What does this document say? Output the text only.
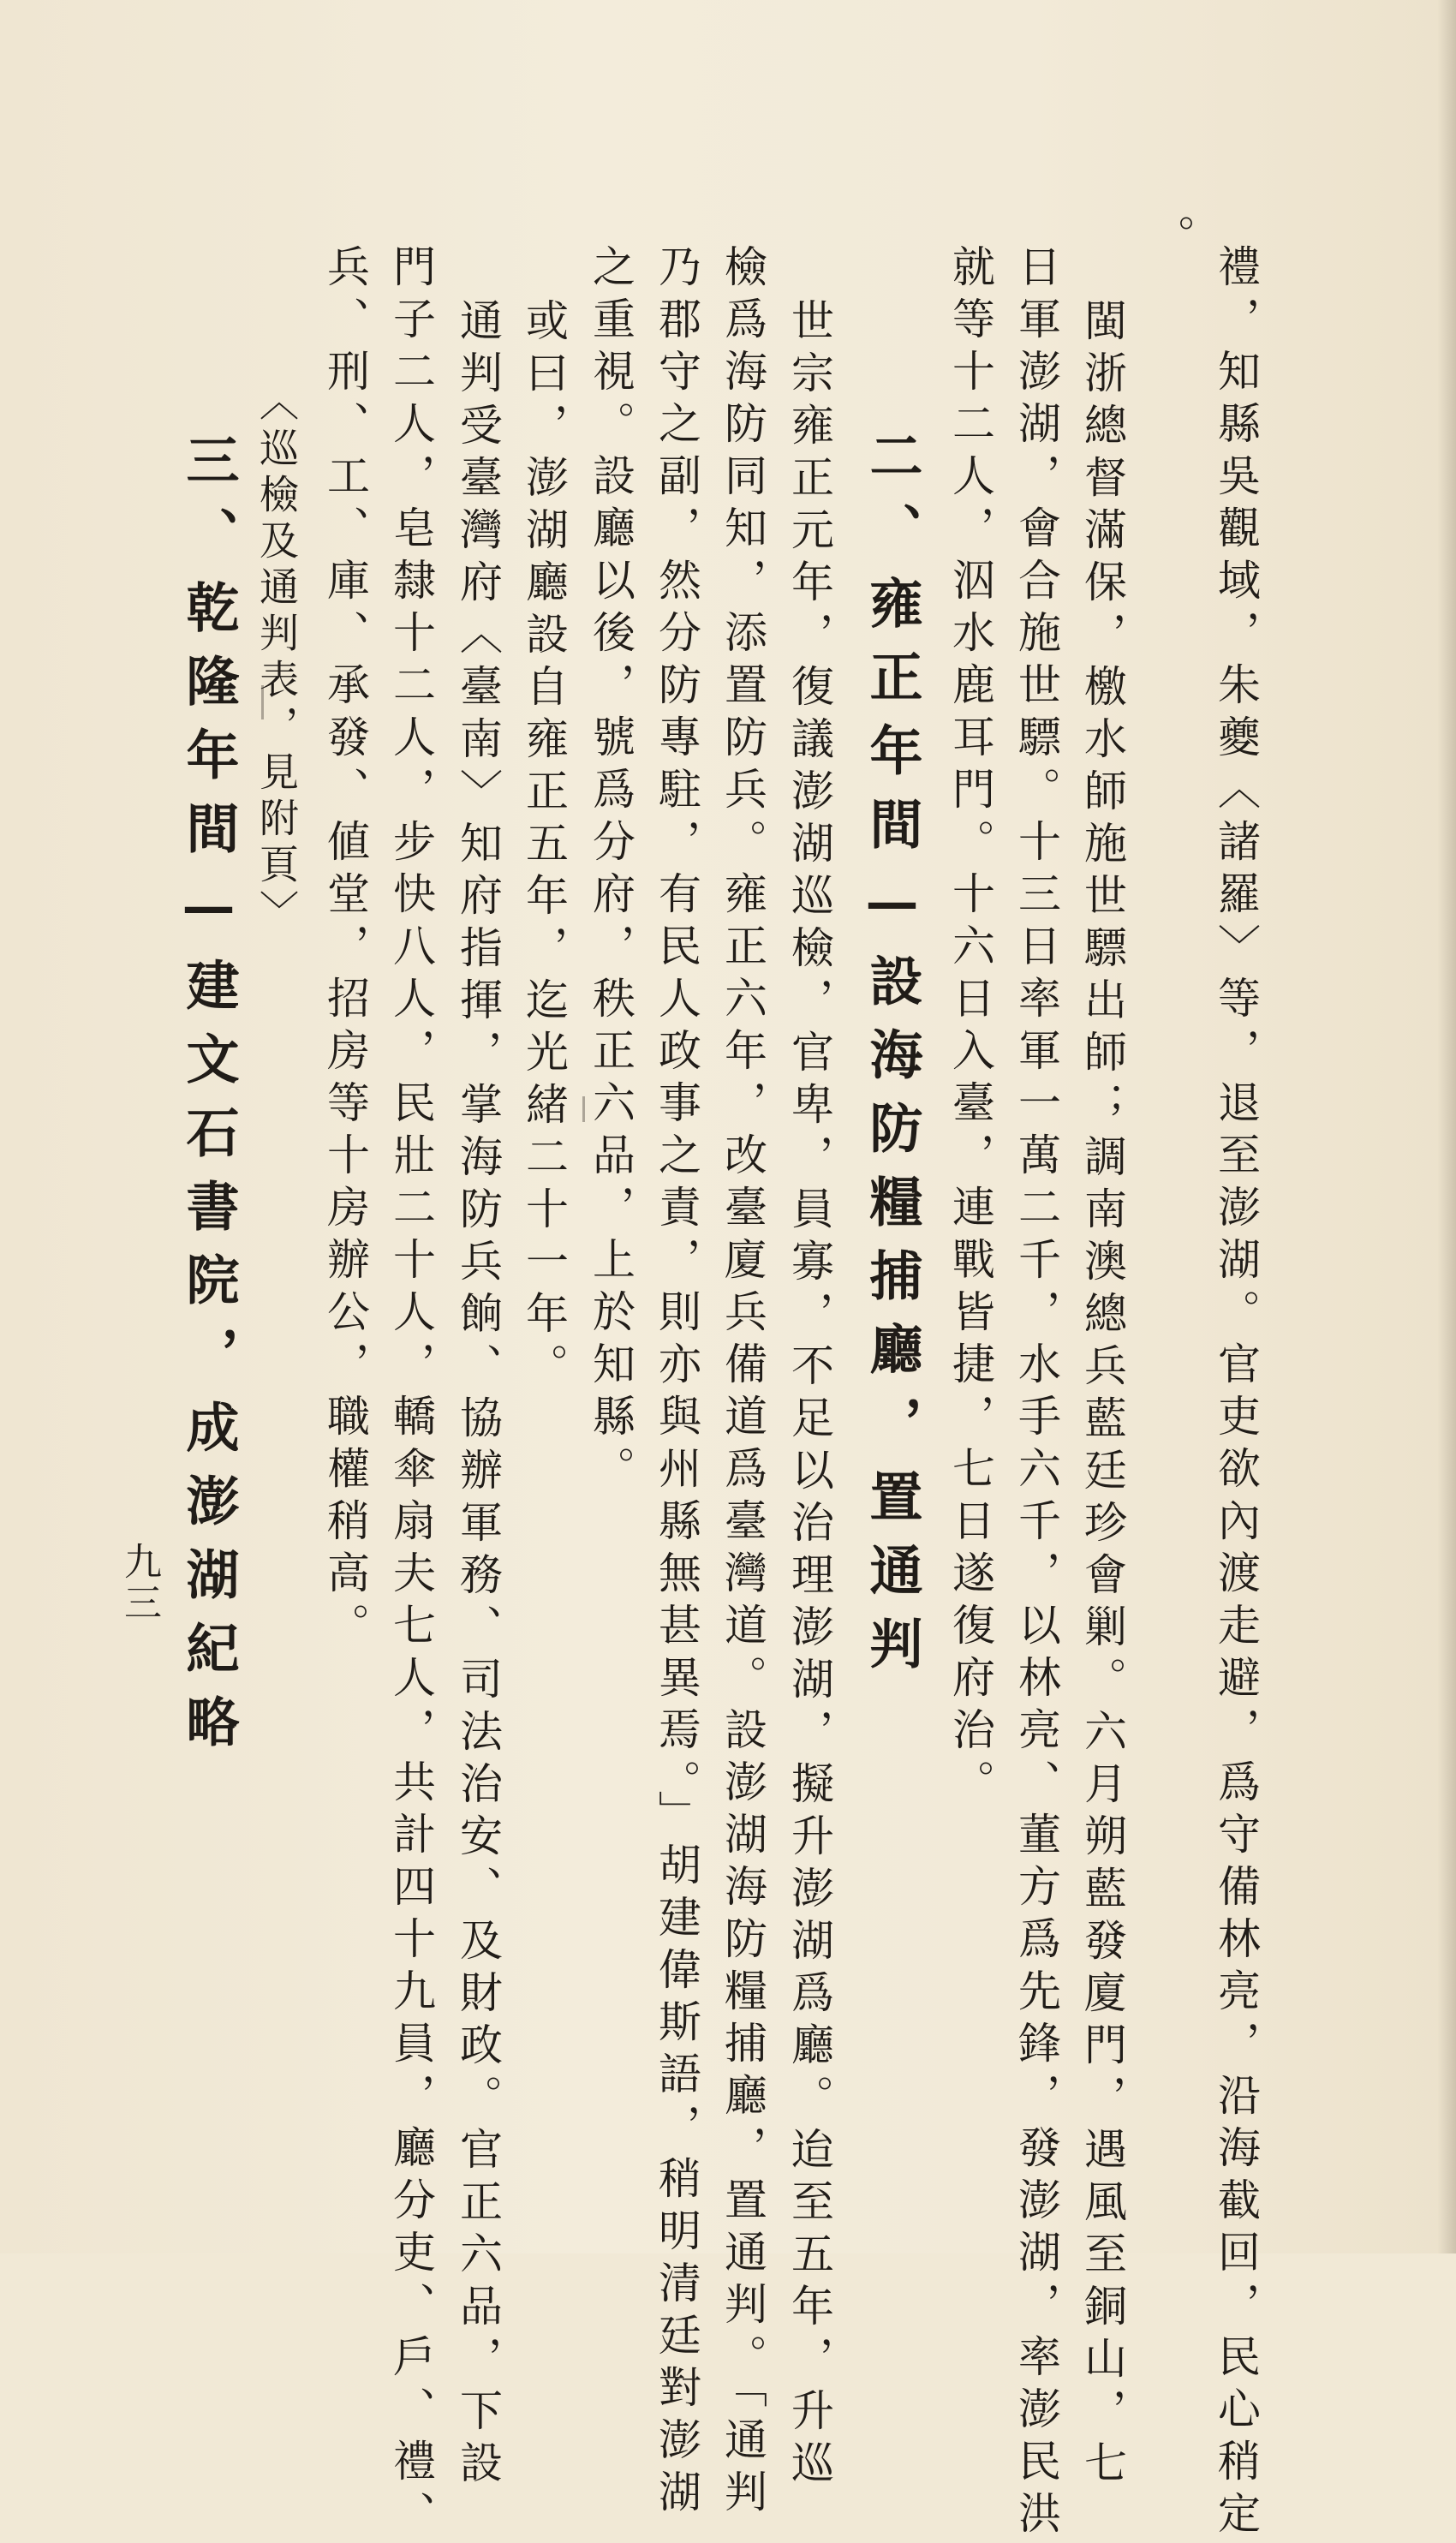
禮，知縣吳觀域，朱夔〈諸羅〉等，退至澎湖。官吏欲內渡走避，爲守備林亮，沿海截回，民心稍定
。
閩浙總督滿保，檄水師施世驃出師；調南澳總兵藍廷珍會剿。六月朔藍發廈門，遇風至銅山，七
日軍澎湖，會合施世驃。十三日率軍一萬二千，水手六千，以林亮、董方爲先鋒，發澎湖，率澎民洪
就等十二人，泅水鹿耳門。十六日入臺，連戰皆捷，七日遂復府治。
二、雍正年間—設海防糧捕廳，置通判
世宗雍正元年，復議澎湖巡檢，官卑，員寡，不足以治理澎湖，擬升澎湖爲廳。迨至五年，升巡
檢爲海防同知，添置防兵。雍正六年，改臺廈兵備道爲臺灣道。設澎湖海防糧捕廳，置通判。「通判
乃郡守之副，然分防專駐，有民人政事之責，則亦與州縣無甚異焉。」胡建偉斯語，稍明清廷對澎湖
之重視。設廳以後，號爲分府，秩正六品，上於知縣。
或曰，澎湖廳設自雍正五年，迄光緒二十一年。
通判受臺灣府〈臺南〉知府指揮，掌海防兵餉、協辦軍務、司法治安、及財政。官正六品，下設
門子二人，皂隸十二人，步快八人，民壯二十人，轎傘扇夫七人，共計四十九員，廳分吏、戶、禮、
兵、刑、工、庫、承發、値堂，招房等十房辦公，職權稍高。
〈巡檢及通判表，見附頁〉
三、乾隆年間—建文石書院，成澎湖紀略
九三
